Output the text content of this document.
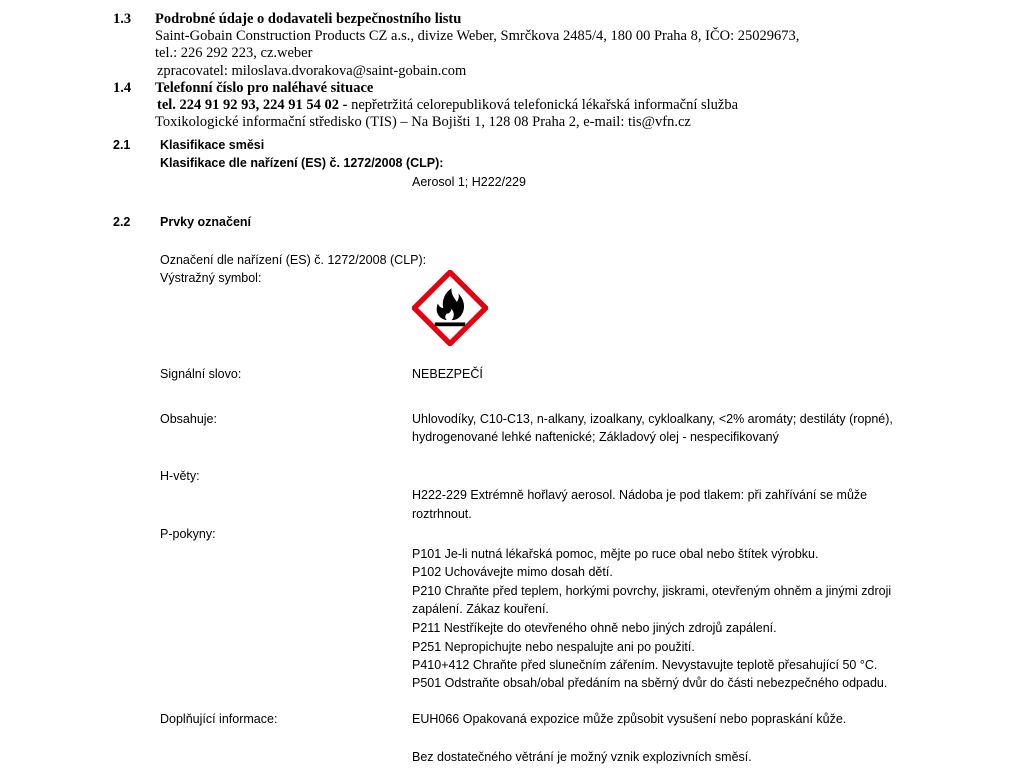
1.3 Podrobné údaje o dodavateli bezpečnostního listu
Saint-Gobain Construction Products CZ a.s., divize Weber, Smrčkova 2485/4, 180 00 Praha 8, IČO: 25029673,
tel.: 226 292 223, cz.weber
zpracovatel: miloslava.dvorakova@saint-gobain.com
1.4 Telefonní číslo pro naléhavé situace
tel. 224 91 92 93, 224 91 54 02 - nepřetržitá celorepubliková telefonická lékařská informační služba
Toxikologické informační středisko (TIS) – Na Bojišti 1, 128 08 Praha 2, e-mail: tis@vfn.cz
2.1 Klasifikace směsi
Klasifikace dle nařízení (ES) č. 1272/2008 (CLP):
Aerosol 1; H222/229
2.2 Prvky označení
Označení dle nařízení (ES) č. 1272/2008 (CLP):
Výstražný symbol:
Signální slovo:	NEBEZPEČÍ
Obsahuje:	Uhlovodíky, C10-C13, n-alkany, izoalkany, cykloalkany, <2% aromáty; destiláty (ropné),
hydrogenované lehké naftenické; Základový olej - nespecifikovaný
H-věty:
H222-229 Extrémně hořlavý aerosol. Nádoba je pod tlakem: při zahřívání se může
roztrhnout.
P-pokyny:
P101 Je-li nutná lékařská pomoc, mějte po ruce obal nebo štítek výrobku.
P102 Uchovávejte mimo dosah dětí.
P210 Chraňte před teplem, horkými povrchy, jiskrami, otevřeným ohněm a jinými zdroji
zapálení. Zákaz kouření.
P211 Nestříkejte do otevřeného ohně nebo jiných zdrojů zapálení.
P251 Nepropichujte nebo nespalujte ani po použití.
P410+412 Chraňte před slunečním zářením. Nevystavujte teplotě přesahující 50 °C.
P501 Odstraňte obsah/obal předáním na sběrný dvůr do části nebezpečného odpadu.
Doplňující informace:	EUH066 Opakovaná expozice může způsobit vysušení nebo popraskání kůže.
Bez dostatečného větrání je možný vznik explozivních směsí.
